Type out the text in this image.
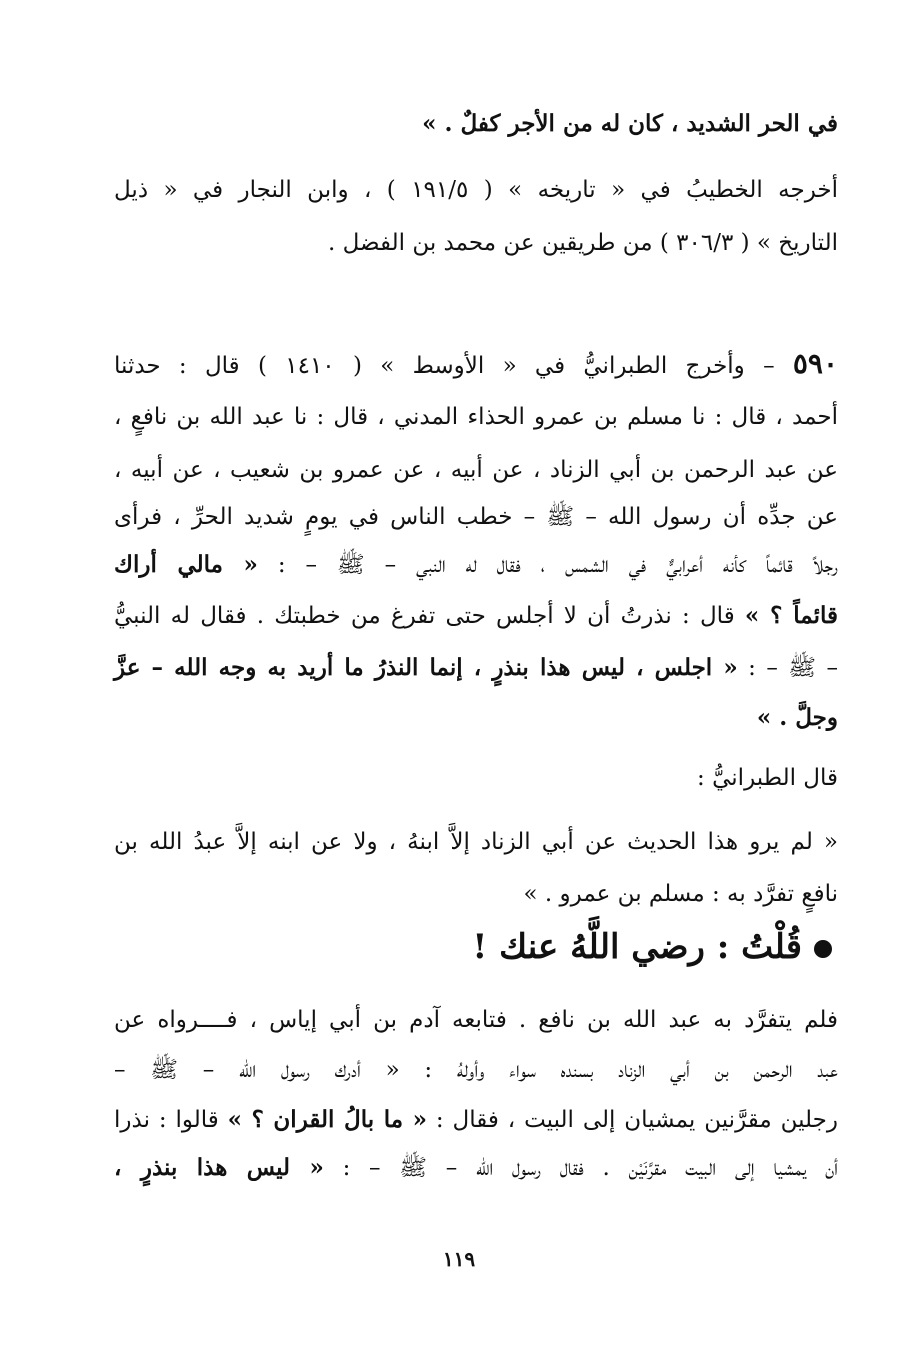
في الحر الشديد ، كان له من الأجر كفلٌ . »
أخرجه الخطيبُ في « تاريخه » ( ١٩١/٥ ) ، وابن النجار في « ذيل
التاريخ » ( ٣٠٦/٣ ) من طريقين عن محمد بن الفضل .
٥٩٠ – وأخرج الطبرانيُّ في « الأوسط » ( ١٤١٠ ) قال : حدثنا
أحمد ، قال : نا مسلم بن عمرو الحذاء المدني ، قال : نا عبد الله بن نافعٍ ،
عن عبد الرحمن بن أبي الزناد ، عن أبيه ، عن عمرو بن شعيب ، عن أبيه ،
عن جدِّه أن رسول الله – ﷺ – خطب الناس في يومٍ شديد الحرِّ ، فرأى
رجلاً قائماً كأنه أعرابيٌّ في الشمس ، فقال له النبي – ﷺ – : « مالي أراك
قائماً ؟ » قال : نذرتُ أن لا أجلس حتى تفرغ من خطبتك . فقال له النبيُّ
– ﷺ – : « اجلس ، ليس هذا بنذرٍ ، إنما النذرُ ما أريد به وجه الله – عزَّ
وجلَّ . »
قال الطبرانيُّ :
« لم يرو هذا الحديث عن أبي الزناد إلاَّ ابنهُ ، ولا عن ابنه إلاَّ عبدُ الله بن
نافعٍ تفرَّد به : مسلم بن عمرو . »
قُلْتُ : رضي اللَّهُ عنك !
فلم يتفرَّد به عبد الله بن نافع . فتابعه آدم بن أبي إياس ، فــــرواه عن
عبد الرحمن بن أبي الزناد بسنده سواء وأولهُ : « أدرك رسول الله – ﷺ –
رجلين مقرَّنين يمشيان إلى البيت ، فقال : « ما بالُ القران ؟ » قالوا : نذرا
أن يمشيا إلى البيت مقرَّنَيْن . فقال رسول الله – ﷺ – : « ليس هذا بنذرٍ ،
١١٩
